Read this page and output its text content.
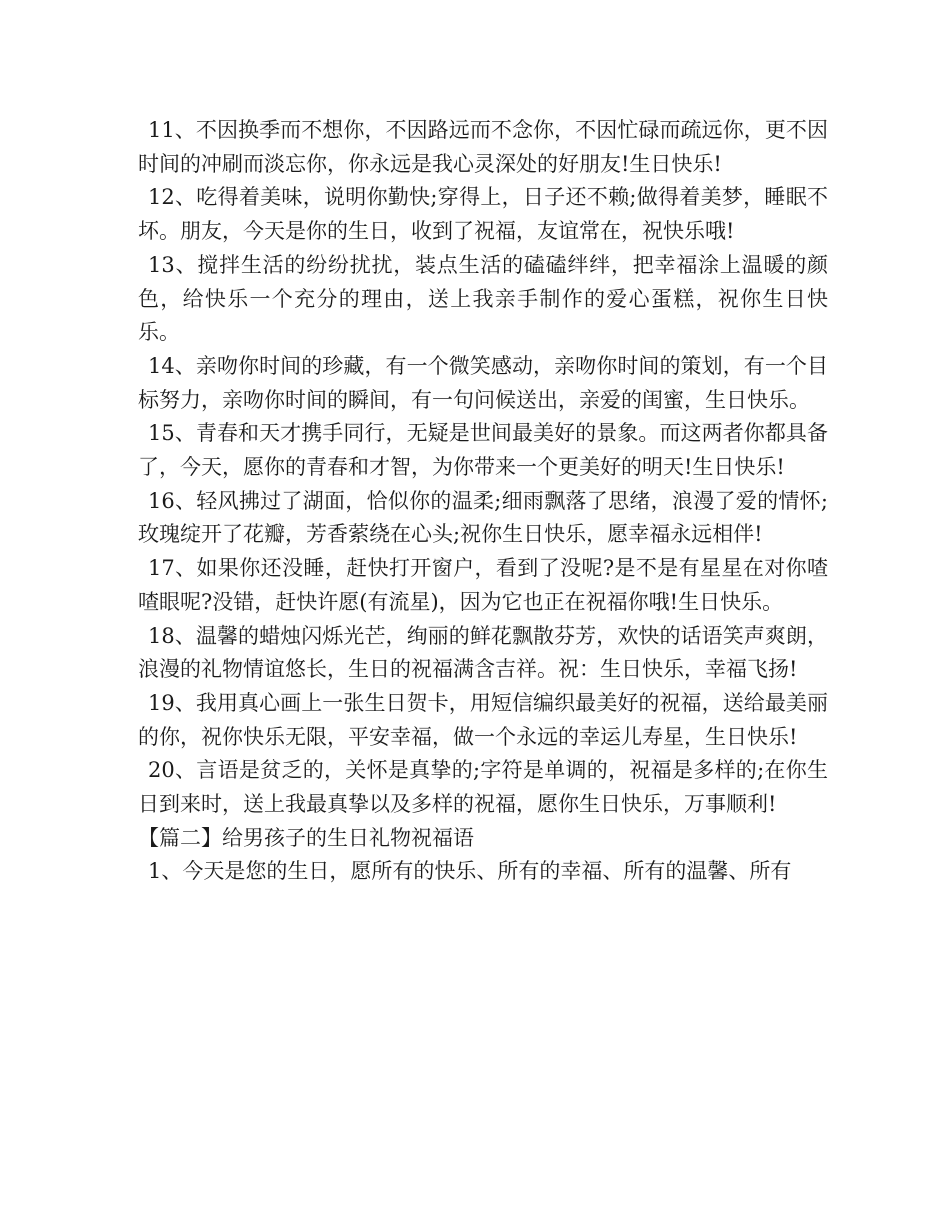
11、不因换季而不想你，不因路远而不念你，不因忙碌而疏远你，更不因时间的冲刷而淡忘你，你永远是我心灵深处的好朋友!生日快乐!

12、吃得着美味，说明你勤快;穿得上，日子还不赖;做得着美梦，睡眠不坏。朋友，今天是你的生日，收到了祝福，友谊常在，祝快乐哦!

13、搅拌生活的纷纷扰扰，装点生活的磕磕绊绊，把幸福涂上温暖的颜色，给快乐一个充分的理由，送上我亲手制作的爱心蛋糕，祝你生日快乐。

14、亲吻你时间的珍藏，有一个微笑感动，亲吻你时间的策划，有一个目标努力，亲吻你时间的瞬间，有一句问候送出，亲爱的闺蜜，生日快乐。

15、青春和天才携手同行，无疑是世间最美好的景象。而这两者你都具备了，今天，愿你的青春和才智，为你带来一个更美好的明天!生日快乐!

16、轻风拂过了湖面，恰似你的温柔;细雨飘落了思绪，浪漫了爱的情怀;玫瑰绽开了花瓣，芳香萦绕在心头;祝你生日快乐，愿幸福永远相伴!

17、如果你还没睡，赶快打开窗户，看到了没呢?是不是有星星在对你喳喳眼呢?没错，赶快许愿(有流星)，因为它也正在祝福你哦!生日快乐。

18、温馨的蜡烛闪烁光芒，绚丽的鲜花飘散芬芳，欢快的话语笑声爽朗，浪漫的礼物情谊悠长，生日的祝福满含吉祥。祝：生日快乐，幸福飞扬!

19、我用真心画上一张生日贺卡，用短信编织最美好的祝福，送给最美丽的你，祝你快乐无限，平安幸福，做一个永远的幸运儿寿星，生日快乐!

20、言语是贫乏的，关怀是真挚的;字符是单调的，祝福是多样的;在你生日到来时，送上我最真挚以及多样的祝福，愿你生日快乐，万事顺利!

【篇二】给男孩子的生日礼物祝福语

1、今天是您的生日，愿所有的快乐、所有的幸福、所有的温馨、所有
